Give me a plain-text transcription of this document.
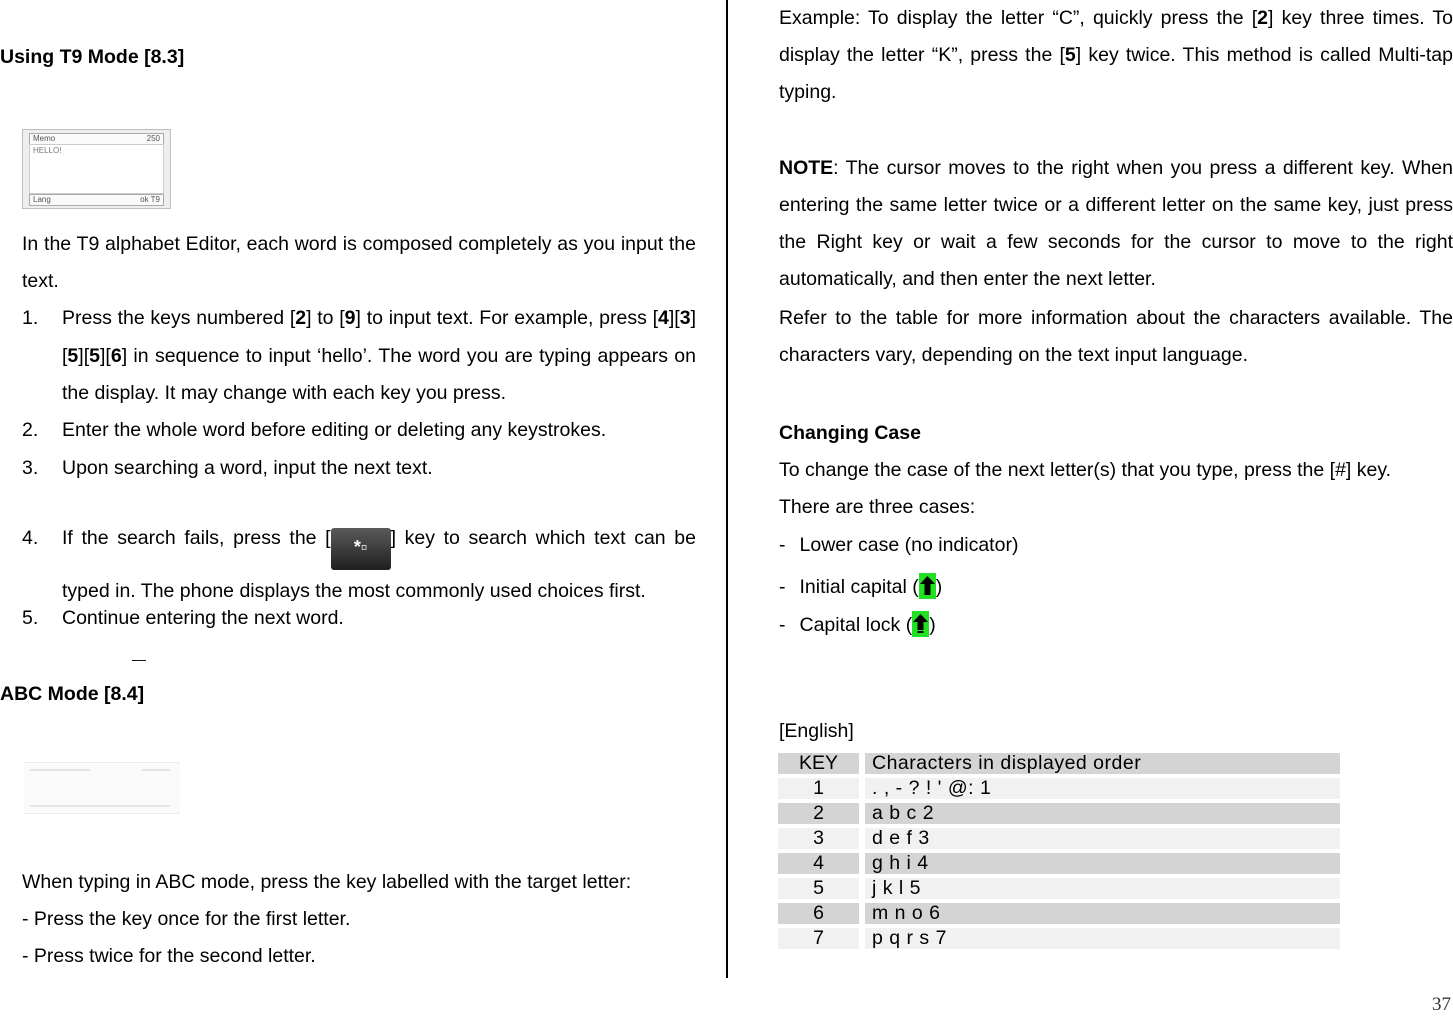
Using T9 Mode [8.3]
Memo	250
HELLO!
Lang	ok T9
In the T9 alphabet Editor, each word is composed completely as you input the text.
1. Press the keys numbered [2] to [9] to input text. For example, press [4][3][5][5][6] in sequence to input ‘hello’. The word you are typing appears on the display. It may change with each key you press.
2. Enter the whole word before editing or deleting any keystrokes.
3. Upon searching a word, input the next text.
4. If the search fails, press the [ *▫ ] key to search which text can be typed in. The phone displays the most commonly used choices first.
5. Continue entering the next word.
—
ABC Mode [8.4]
When typing in ABC mode, press the key labelled with the target letter:
- Press the key once for the first letter.
- Press twice for the second letter.
Example: To display the letter “C”, quickly press the [2] key three times. To display the letter “K”, press the [5] key twice. This method is called Multi-tap typing.
NOTE: The cursor moves to the right when you press a different key. When entering the same letter twice or a different letter on the same key, just press the Right key or wait a few seconds for the cursor to move to the right automatically, and then enter the next letter.
Refer to the table for more information about the characters available. The characters vary, depending on the text input language.
Changing Case
To change the case of the next letter(s) that you type, press the [#] key.
There are three cases:
- Lower case (no indicator)
- Initial capital ( )
- Capital lock ( )
[English]
KEY		Characters in displayed order
1		. , - ? ! ' @: 1
2		a b c 2
3		d e f 3
4		g h i 4
5		j k l 5
6		m n o 6
7		p q r s 7
37
